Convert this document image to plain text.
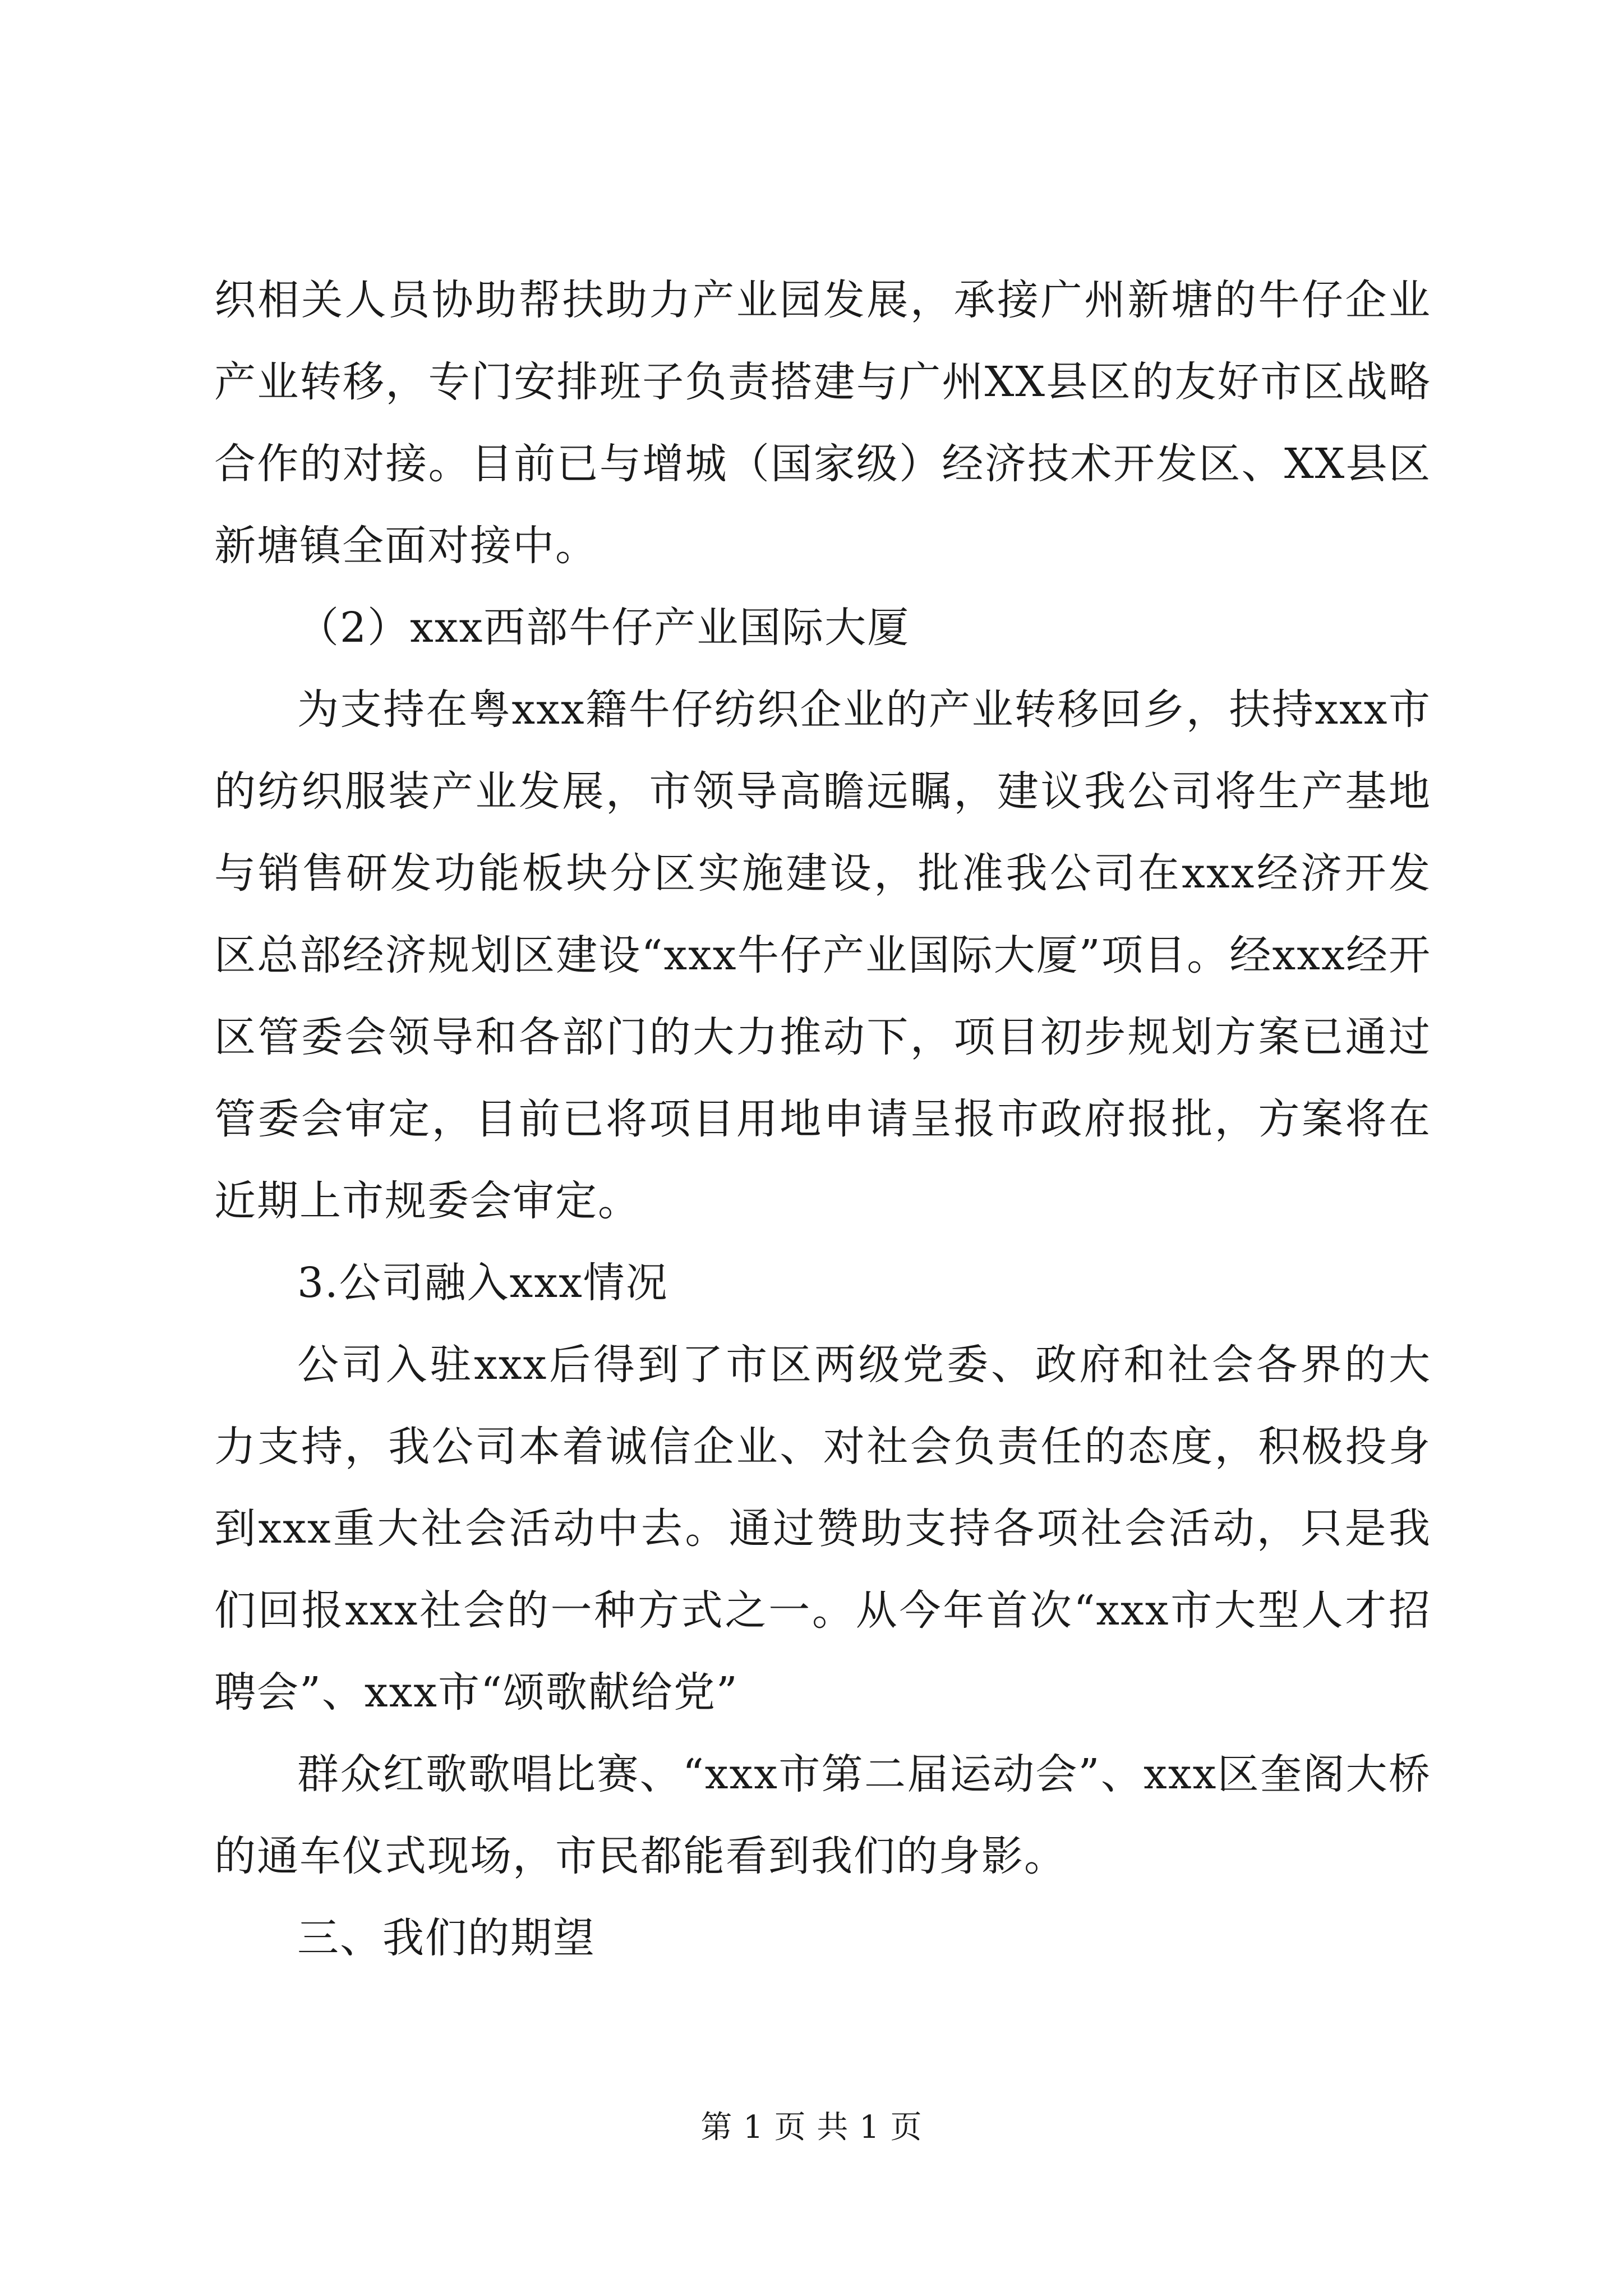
织相关人员协助帮扶助力产业园发展，承接广州新塘的牛仔企业产业转移，专门安排班子负责搭建与广州XX县区的友好市区战略合作的对接。目前已与增城（国家级）经济技术开发区、XX县区新塘镇全面对接中。

（2）xxx西部牛仔产业国际大厦

为支持在粤xxx籍牛仔纺织企业的产业转移回乡，扶持xxx市的纺织服装产业发展，市领导高瞻远瞩，建议我公司将生产基地与销售研发功能板块分区实施建设，批准我公司在xxx经济开发区总部经济规划区建设“xxx牛仔产业国际大厦”项目。经xxx经开区管委会领导和各部门的大力推动下，项目初步规划方案已通过管委会审定，目前已将项目用地申请呈报市政府报批，方案将在近期上市规委会审定。

3.公司融入xxx情况

公司入驻xxx后得到了市区两级党委、政府和社会各界的大力支持，我公司本着诚信企业、对社会负责任的态度，积极投身到xxx重大社会活动中去。通过赞助支持各项社会活动，只是我们回报xxx社会的一种方式之一。从今年首次“xxx市大型人才招聘会”、xxx市“颂歌献给党”

群众红歌歌唱比赛、“xxx市第二届运动会”、xxx区奎阁大桥的通车仪式现场，市民都能看到我们的身影。

三、我们的期望

第 1 页 共 1 页
